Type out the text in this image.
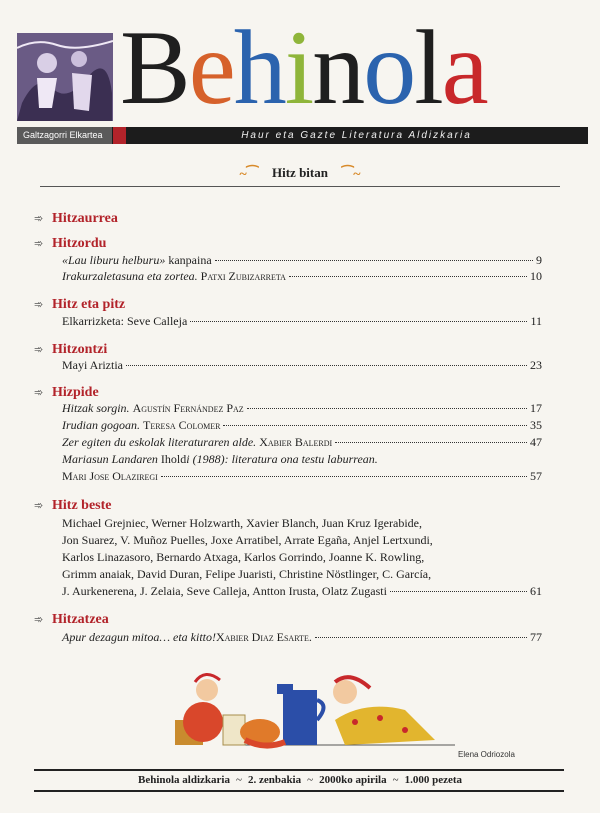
Behinola
Galtzagorri Elkartea	Haur eta Gazte Literatura Aldizkaria
~⁀ Hitz bitan ⁀~
➾ Hitzaurrea
➾ Hitzordu
«Lau liburu helburu» kanpaina	9
Irakurzaletasuna eta zortea. Patxi Zubizarreta	10
➾ Hitz eta pitz
Elkarrizketa: Seve Calleja	11
➾ Hitzontzi
Mayi Ariztia	23
➾ Hizpide
Hitzak sorgin. Agustín Fernández Paz	17
Irudian gogoan. Teresa Colomer	35
Zer egiten du eskolak literaturaren alde. Xabier Balerdi	47
Mariasun Landaren Iholdi (1988): literatura ona testu laburrean.
Mari Jose Olaziregi	57
➾ Hitz beste
Michael Grejniec, Werner Holzwarth, Xavier Blanch, Juan Kruz Igerabide,
Jon Suarez, V. Muñoz Puelles, Joxe Arratibel, Arrate Egaña, Anjel Lertxundi,
Karlos Linazasoro, Bernardo Atxaga, Karlos Gorrindo, Joanne K. Rowling,
Grimm anaiak, David Duran, Felipe Juaristi, Christine Nöstlinger, C. García,
J. Aurkenerena, J. Zelaia, Seve Calleja, Antton Irusta, Olatz Zugasti	61
➾ Hitzatzea
Apur dezagun mitoa… eta kitto!Xabier Diaz Esarte.	77
Elena Odriozola
Behinola aldizkaria ~ 2. zenbakia ~ 2000ko apirila ~ 1.000 pezeta
